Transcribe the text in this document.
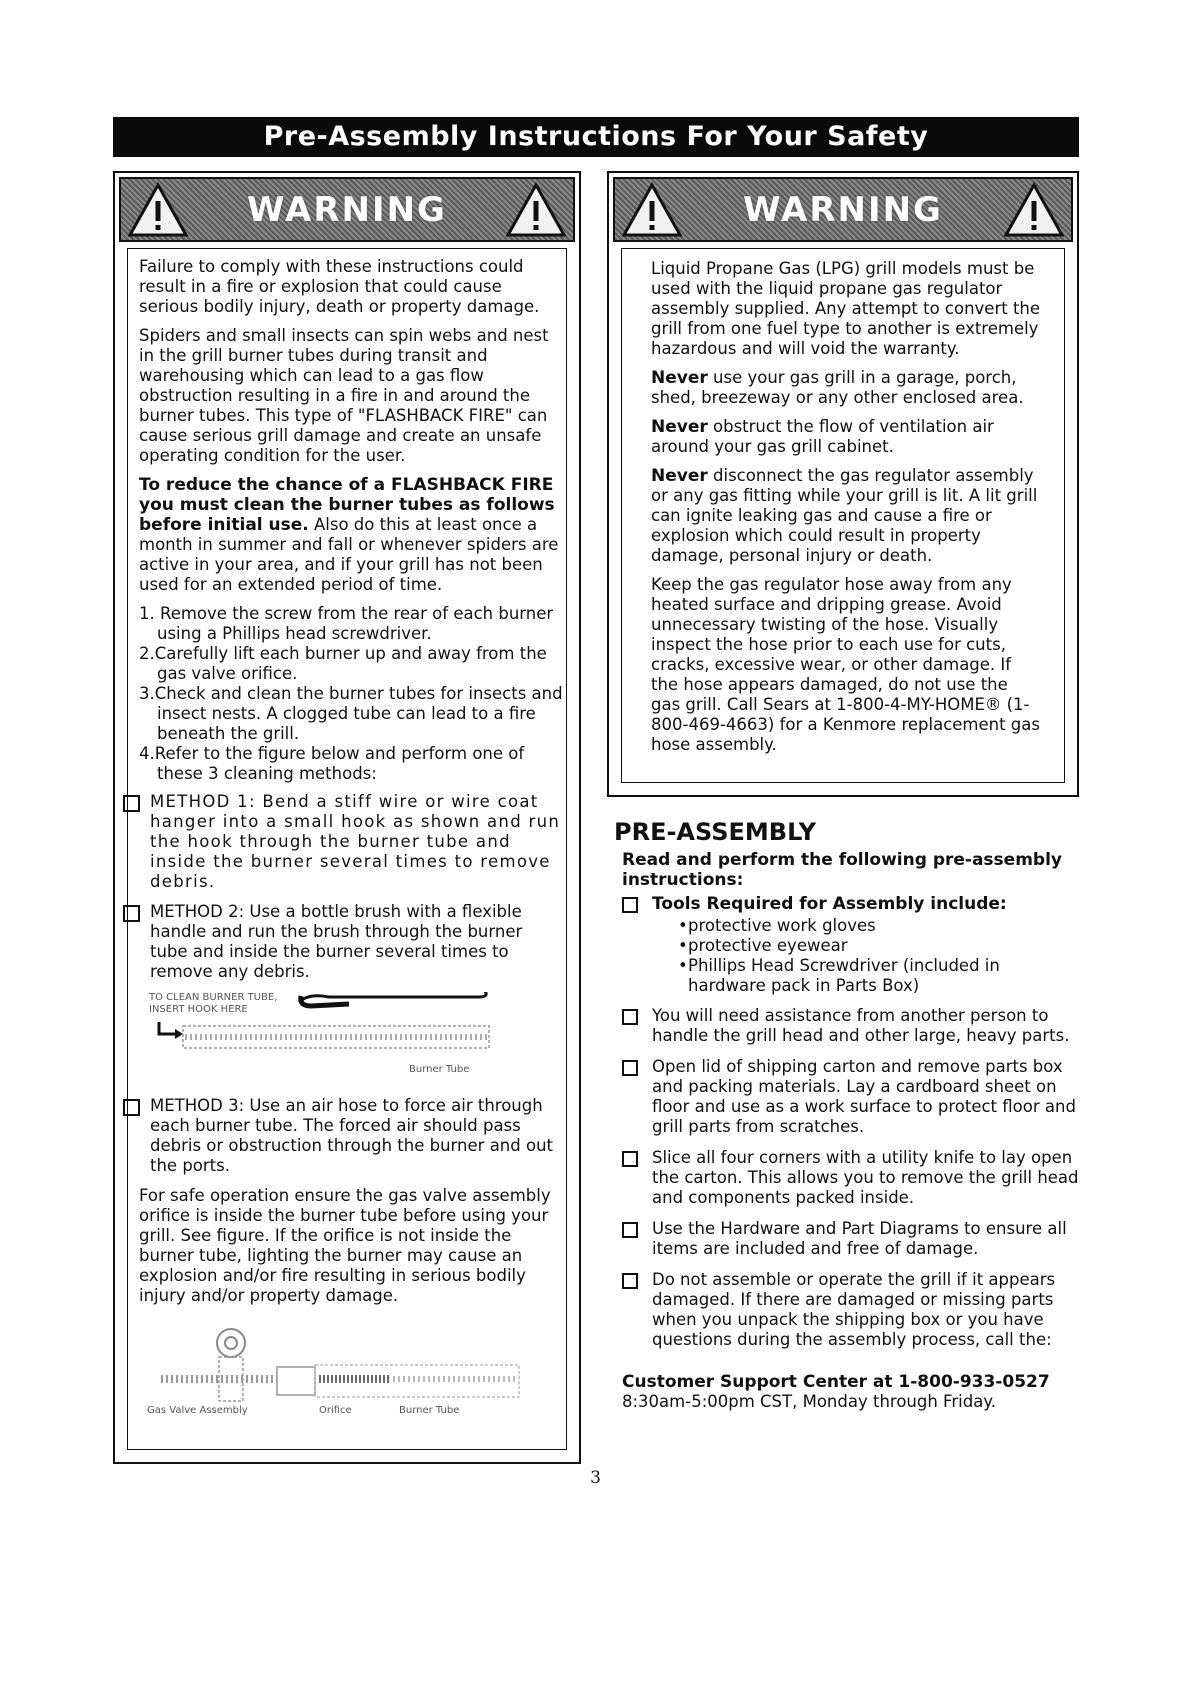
Pre-Assembly Instructions For Your Safety
WARNING

Failure to comply with these instructions could result in a fire or explosion that could cause serious bodily injury, death or property damage.

Spiders and small insects can spin webs and nest in the grill burner tubes during transit and warehousing which can lead to a gas flow obstruction resulting in a fire in and around the burner tubes. This type of "FLASHBACK FIRE" can cause serious grill damage and create an unsafe operating condition for the user.

To reduce the chance of a FLASHBACK FIRE you must clean the burner tubes as follows before initial use. Also do this at least once a month in summer and fall or whenever spiders are active in your area, and if your grill has not been used for an extended period of time.

1. Remove the screw from the rear of each burner using a Phillips head screwdriver.
2.Carefully lift each burner up and away from the gas valve orifice.
3.Check and clean the burner tubes for insects and insect nests. A clogged tube can lead to a fire beneath the grill.
4.Refer to the figure below and perform one of these 3 cleaning methods:
METHOD 1: Bend a stiff wire or wire coat hanger into a small hook as shown and run the hook through the burner tube and inside the burner several times to remove debris.
METHOD 2: Use a bottle brush with a flexible handle and run the brush through the burner tube and inside the burner several times to remove any debris.
TO CLEAN BURNER TUBE,
INSERT HOOK HERE
Burner Tube
METHOD 3: Use an air hose to force air through each burner tube. The forced air should pass debris or obstruction through the burner and out the ports.

For safe operation ensure the gas valve assembly orifice is inside the burner tube before using your grill. See figure. If the orifice is not inside the burner tube, lighting the burner may cause an explosion and/or fire resulting in serious bodily injury and/or property damage.

Gas Valve Assembly	Orifice	Burner Tube
WARNING

Liquid Propane Gas (LPG) grill models must be used with the liquid propane gas regulator assembly supplied. Any attempt to convert the grill from one fuel type to another is extremely hazardous and will void the warranty.

Never use your gas grill in a garage, porch, shed, breezeway or any other enclosed area.

Never obstruct the flow of ventilation air around your gas grill cabinet.

Never disconnect the gas regulator assembly or any gas fitting while your grill is lit. A lit grill can ignite leaking gas and cause a fire or explosion which could result in property damage, personal injury or death.

Keep the gas regulator hose away from any heated surface and dripping grease. Avoid unnecessary twisting of the hose. Visually inspect the hose prior to each use for cuts, cracks, excessive wear, or other damage. If the hose appears damaged, do not use the gas grill. Call Sears at 1-800-4-MY-HOME® (1-800-469-4663) for a Kenmore replacement gas hose assembly.

PRE-ASSEMBLY
Read and perform the following pre-assembly instructions:
Tools Required for Assembly include:
• protective work gloves
• protective eyewear
• Phillips Head Screwdriver (included in hardware pack in Parts Box)
You will need assistance from another person to handle the grill head and other large, heavy parts.
Open lid of shipping carton and remove parts box and packing materials. Lay a cardboard sheet on floor and use as a work surface to protect floor and grill parts from scratches.
Slice all four corners with a utility knife to lay open the carton. This allows you to remove the grill head and components packed inside.
Use the Hardware and Part Diagrams to ensure all items are included and free of damage.
Do not assemble or operate the grill if it appears damaged. If there are damaged or missing parts when you unpack the shipping box or you have questions during the assembly process, call the:
Customer Support Center at 1-800-933-0527
8:30am-5:00pm CST, Monday through Friday.
3
